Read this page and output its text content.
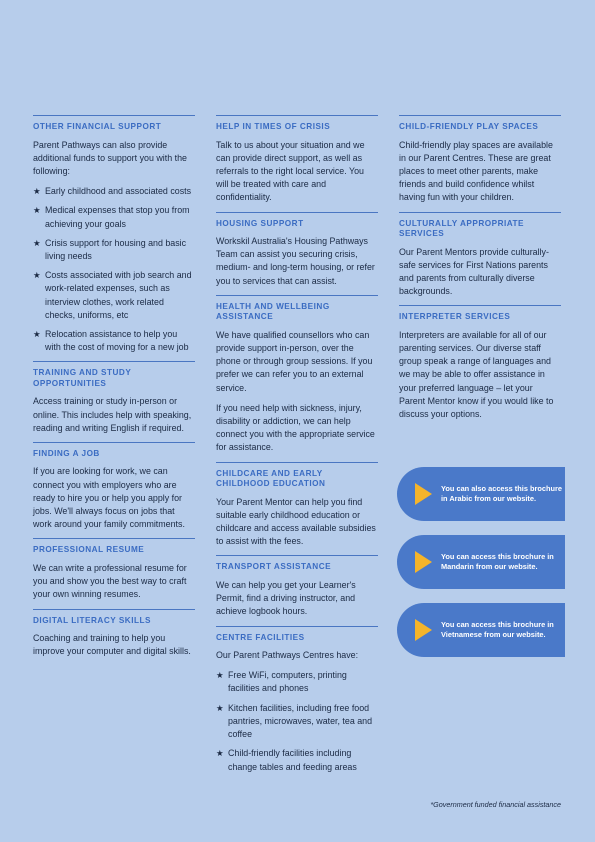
OTHER FINANCIAL SUPPORT

Parent Pathways can also provide additional funds to support you with the following:

★ Early childhood and associated costs
★ Medical expenses that stop you from achieving your goals
★ Crisis support for housing and basic living needs
★ Costs associated with job search and work-related expenses, such as interview clothes, work related checks, uniforms, etc
★ Relocation assistance to help you with the cost of moving for a new job
TRAINING AND STUDY OPPORTUNITIES

Access training or study in-person or online. This includes help with speaking, reading and writing English if required.

FINDING A JOB

If you are looking for work, we can connect you with employers who are ready to hire you or help you apply for jobs. We'll always focus on jobs that work around your family commitments.

PROFESSIONAL RESUME

We can write a professional resume for you and show you the best way to craft your own winning resumes.

DIGITAL LITERACY SKILLS

Coaching and training to help you improve your computer and digital skills.

HELP IN TIMES OF CRISIS

Talk to us about your situation and we can provide direct support, as well as referrals to the right local service. You will be treated with care and confidentiality.

HOUSING SUPPORT

Workskil Australia's Housing Pathways Team can assist you securing crisis, medium- and long-term housing, or refer you to services that can assist.

HEALTH AND WELLBEING ASSISTANCE

We have qualified counsellors who can provide support in-person, over the phone or through group sessions. If you prefer we can refer you to an external service.

If you need help with sickness, injury, disability or addiction, we can help connect you with the appropriate service for assistance.

CHILDCARE AND EARLY CHILDHOOD EDUCATION

Your Parent Mentor can help you find suitable early childhood education or childcare and access available subsidies to assist with the fees.

TRANSPORT ASSISTANCE

We can help you get your Learner's Permit, find a driving instructor, and achieve logbook hours.

CENTRE FACILITIES

Our Parent Pathways Centres have:

★ Free WiFi, computers, printing facilities and phones
★ Kitchen facilities, including free food pantries, microwaves, water, tea and coffee
★ Child-friendly facilities including change tables and feeding areas
CHILD-FRIENDLY PLAY SPACES

Child-friendly play spaces are available in our Parent Centres. These are great places to meet other parents, make friends and build confidence whilst having fun with your children.

CULTURALLY APPROPRIATE SERVICES

Our Parent Mentors provide culturally-safe services for First Nations parents and parents from culturally diverse backgrounds.

INTERPRETER SERVICES

Interpreters are available for all of our parenting services. Our diverse staff group speak a range of languages and we may be able to offer assistance in your preferred language – let your Parent Mentor know if you would like to discuss your options.

You can also access this brochure in Arabic from our website.
You can access this brochure in Mandarin from our website.
You can access this brochure in Vietnamese from our website.
*Government funded financial assistance
